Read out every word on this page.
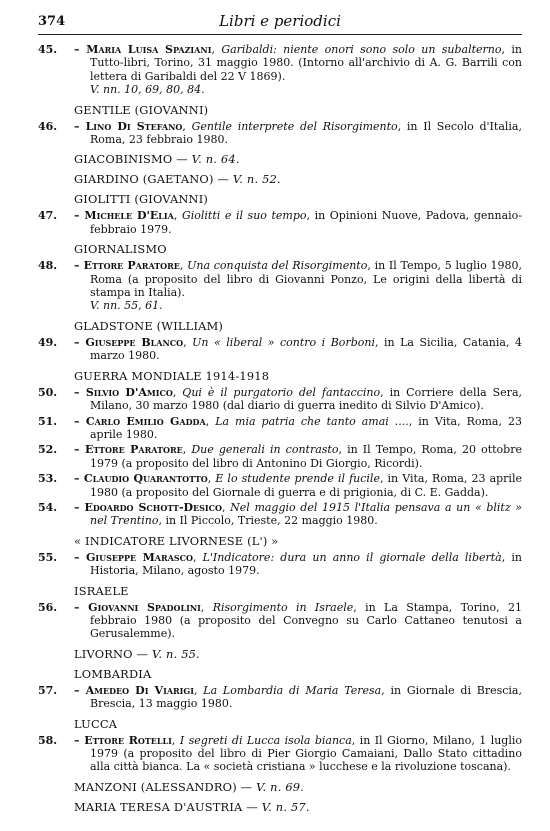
374	Libri e periodici
45. – Maria Luisa Spaziani, Garibaldi: niente onori sono solo un subalterno, in Tutto-libri, Torino, 31 maggio 1980. (Intorno all'archivio di A. G. Barrili con lettera di Garibaldi del 22 V 1869).
V. nn. 10, 69, 80, 84.
GENTILE (GIOVANNI)
46. – Lino Di Stefano, Gentile interprete del Risorgimento, in Il Secolo d'Italia, Roma, 23 febbraio 1980.
GIACOBINISMO — V. n. 64.
GIARDINO (GAETANO) — V. n. 52.
GIOLITTI (GIOVANNI)
47. – Michele D'Elia, Giolitti e il suo tempo, in Opinioni Nuove, Padova, gennaio-febbraio 1979.
GIORNALISMO
48. – Ettore Paratore, Una conquista del Risorgimento, in Il Tempo, 5 luglio 1980, Roma (a proposito del libro di Giovanni Ponzo, Le origini della libertà di stampa in Italia).
V. nn. 55, 61.
GLADSTONE (WILLIAM)
49. – Giuseppe Blanco, Un « liberal » contro i Borboni, in La Sicilia, Catania, 4 marzo 1980.
GUERRA MONDIALE 1914-1918
50. – Silvio D'Amico, Qui è il purgatorio del fantaccino, in Corriere della Sera, Milano, 30 marzo 1980 (dal diario di guerra inedito di Silvio D'Amico).
51. – Carlo Emilio Gadda, La mia patria che tanto amai ...., in Vita, Roma, 23 aprile 1980.
52. – Ettore Paratore, Due generali in contrasto, in Il Tempo, Roma, 20 ottobre 1979 (a proposito del libro di Antonino Di Giorgio, Ricordi).
53. – Claudio Quarantotto, E lo studente prende il fucile, in Vita, Roma, 23 aprile 1980 (a proposito del Giornale di guerra e di prigionia, di C. E. Gadda).
54. – Edoardo Schott-Desico, Nel maggio del 1915 l'Italia pensava a un « blitz » nel Trentino, in Il Piccolo, Trieste, 22 maggio 1980.
« INDICATORE LIVORNESE (L') »
55. – Giuseppe Marasco, L'Indicatore: dura un anno il giornale della libertà, in Historia, Milano, agosto 1979.
ISRAELE
56. – Giovanni Spadolini, Risorgimento in Israele, in La Stampa, Torino, 21 febbraio 1980 (a proposito del Convegno su Carlo Cattaneo tenutosi a Gerusalemme).
LIVORNO — V. n. 55.
LOMBARDIA
57. – Amedeo Di Viarigi, La Lombardia di Maria Teresa, in Giornale di Brescia, Brescia, 13 maggio 1980.
LUCCA
58. – Ettore Rotelli, I segreti di Lucca isola bianca, in Il Giorno, Milano, 1 luglio 1979 (a proposito del libro di Pier Giorgio Camaiani, Dallo Stato cittadino alla città bianca. La « società cristiana » lucchese e la rivoluzione toscana).
MANZONI (ALESSANDRO) — V. n. 69.
MARIA TERESA D'AUSTRIA — V. n. 57.
